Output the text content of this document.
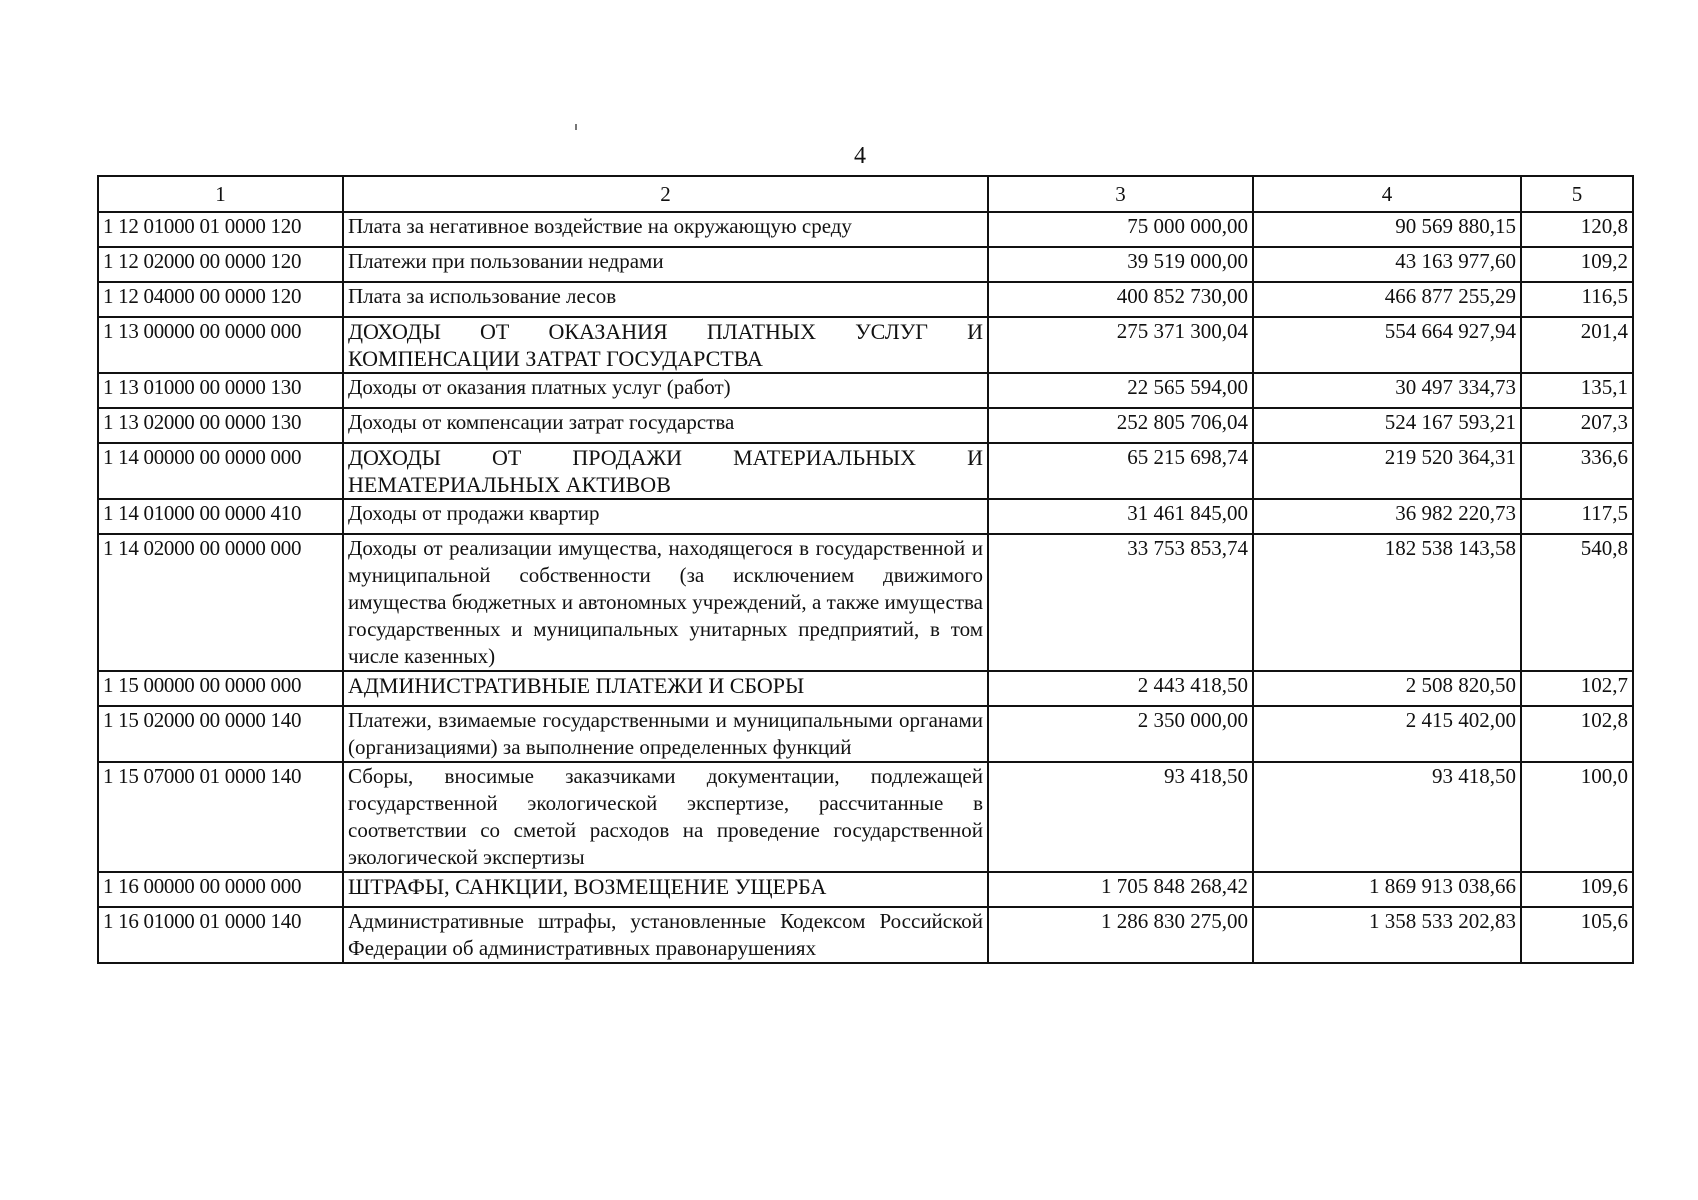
4
1	2	3	4	5
1 12 01000 01 0000 120	Плата за негативное воздействие на окружающую среду	75 000 000,00	90 569 880,15	120,8
1 12 02000 00 0000 120	Платежи при пользовании недрами	39 519 000,00	43 163 977,60	109,2
1 12 04000 00 0000 120	Плата за использование лесов	400 852 730,00	466 877 255,29	116,5
1 13 00000 00 0000 000	ДОХОДЫ ОТ ОКАЗАНИЯ ПЛАТНЫХ УСЛУГ И КОМПЕНСАЦИИ ЗАТРАТ ГОСУДАРСТВА	275 371 300,04	554 664 927,94	201,4
1 13 01000 00 0000 130	Доходы от оказания платных услуг (работ)	22 565 594,00	30 497 334,73	135,1
1 13 02000 00 0000 130	Доходы от компенсации затрат государства	252 805 706,04	524 167 593,21	207,3
1 14 00000 00 0000 000	ДОХОДЫ ОТ ПРОДАЖИ МАТЕРИАЛЬНЫХ И НЕМАТЕРИАЛЬНЫХ АКТИВОВ	65 215 698,74	219 520 364,31	336,6
1 14 01000 00 0000 410	Доходы от продажи квартир	31 461 845,00	36 982 220,73	117,5
1 14 02000 00 0000 000	Доходы от реализации имущества, находящегося в государственной и муниципальной собственности (за исключением движимого имущества бюджетных и автономных учреждений, а также имущества государственных и муниципальных унитарных предприятий, в том числе казенных)	33 753 853,74	182 538 143,58	540,8
1 15 00000 00 0000 000	АДМИНИСТРАТИВНЫЕ ПЛАТЕЖИ И СБОРЫ	2 443 418,50	2 508 820,50	102,7
1 15 02000 00 0000 140	Платежи, взимаемые государственными и муниципальными органами (организациями) за выполнение определенных функций	2 350 000,00	2 415 402,00	102,8
1 15 07000 01 0000 140	Сборы, вносимые заказчиками документации, подлежащей государственной экологической экспертизе, рассчитанные в соответствии со сметой расходов на проведение государственной экологической экспертизы	93 418,50	93 418,50	100,0
1 16 00000 00 0000 000	ШТРАФЫ, САНКЦИИ, ВОЗМЕЩЕНИЕ УЩЕРБА	1 705 848 268,42	1 869 913 038,66	109,6
1 16 01000 01 0000 140	Административные штрафы, установленные Кодексом Российской Федерации об административных правонарушениях	1 286 830 275,00	1 358 533 202,83	105,6
